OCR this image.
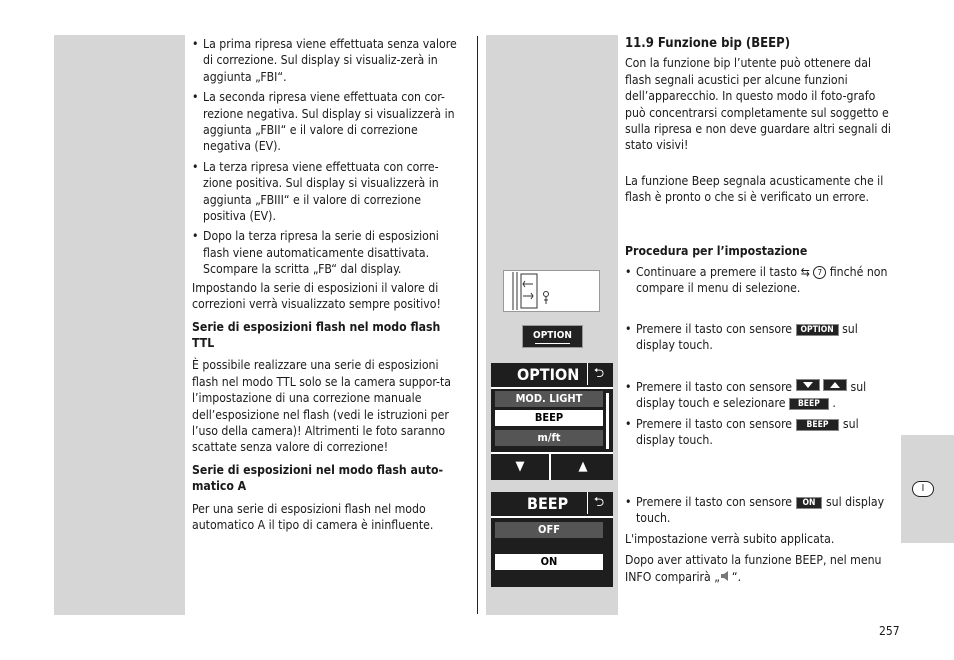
• La prima ripresa viene effettuata senza valore di correzione. Sul display si visualiz-zerà in aggiunta „FBI“.
• La seconda ripresa viene effettuata con cor-rezione negativa. Sul display si visualizzerà in aggiunta „FBII“ e il valore di correzione negativa (EV).
• La terza ripresa viene effettuata con corre-zione positiva. Sul display si visualizzerà in aggiunta „FBIII“ e il valore di correzione positiva (EV).
• Dopo la terza ripresa la serie di esposizioni flash viene automaticamente disattivata. Scompare la scritta „FB“ dal display.

Impostando la serie di esposizioni il valore di correzioni verrà visualizzato sempre positivo!

Serie di esposizioni flash nel modo flash TTL

È possibile realizzare una serie di esposizioni flash nel modo TTL solo se la camera suppor-ta l’impostazione di una correzione manuale dell’esposizione nel flash (vedi le istruzioni per l’uso della camera)! Altrimenti le foto saranno scattate senza valore di correzione!

Serie di esposizioni nel modo flash auto-matico A

Per una serie di esposizioni flash nel modo automatico A il tipo di camera è ininfluente.

11.9 Funzione bip (BEEP)

Con la funzione bip l’utente può ottenere dal flash segnali acustici per alcune funzioni dell’apparecchio. In questo modo il foto-grafo può concentrarsi completamente sul soggetto e sulla ripresa e non deve guardare altri segnali di stato visivi!

La funzione Beep segnala acusticamente che il flash è pronto o che si è verificato un errore.

Procedura per l’impostazione

• Continuare a premere il tasto ⇆ 7 finché non compare il menu di selezione.
• Premere il tasto con sensore OPTION sul display touch.
• Premere il tasto con sensore	sul display touch e selezionare BEEP .
• Premere il tasto con sensore BEEP sul display touch.
• Premere il tasto con sensore ON sul display touch.

L'impostazione verrà subito applicata.

Dopo aver attivato la funzione BEEP, nel menu INFO comparirà „ “.

OPTION
OPTION	⮌
MOD. LIGHT
BEEP
m/ft
▼	▲
BEEP	⮌
OFF
ON
I
257
